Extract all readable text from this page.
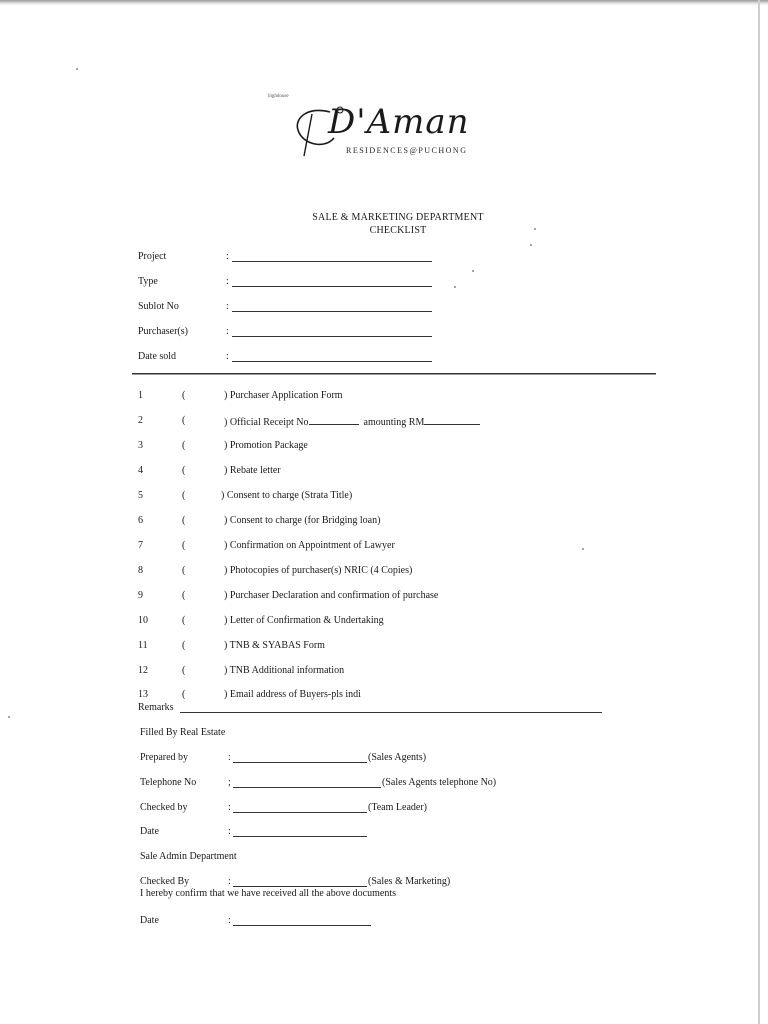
bighdouse
D'Aman
RESIDENCES@PUCHONG
SALE & MARKETING DEPARTMENT
CHECKLIST
Project	:
Type	:
Sublot No	:
Purchaser(s)	:
Date sold	:
1	(	) Purchaser Application Form
2	(	) Official Receipt No	amounting RM
3	(	) Promotion Package
4	(	) Rebate letter
5	(	) Consent to charge (Strata Title)
6	(	) Consent to charge (for Bridging loan)
7	(	) Confirmation on Appointment of Lawyer
8	(	) Photocopies of purchaser(s) NRIC (4 Copies)
9	(	) Purchaser Declaration and confirmation of purchase
10	(	) Letter of Confirmation & Undertaking
11	(	) TNB & SYABAS Form
12	(	) TNB Additional information
13	(	) Email address of Buyers-pls indi
Remarks
Filled By Real Estate
Prepared by	:	(Sales Agents)
Telephone No	;	(Sales Agents telephone No)
Checked by	:	(Team Leader)
Date	:
Sale Admin Department
Checked By	:	(Sales & Marketing)
I hereby confirm that we have received all the above documents
Date	:
